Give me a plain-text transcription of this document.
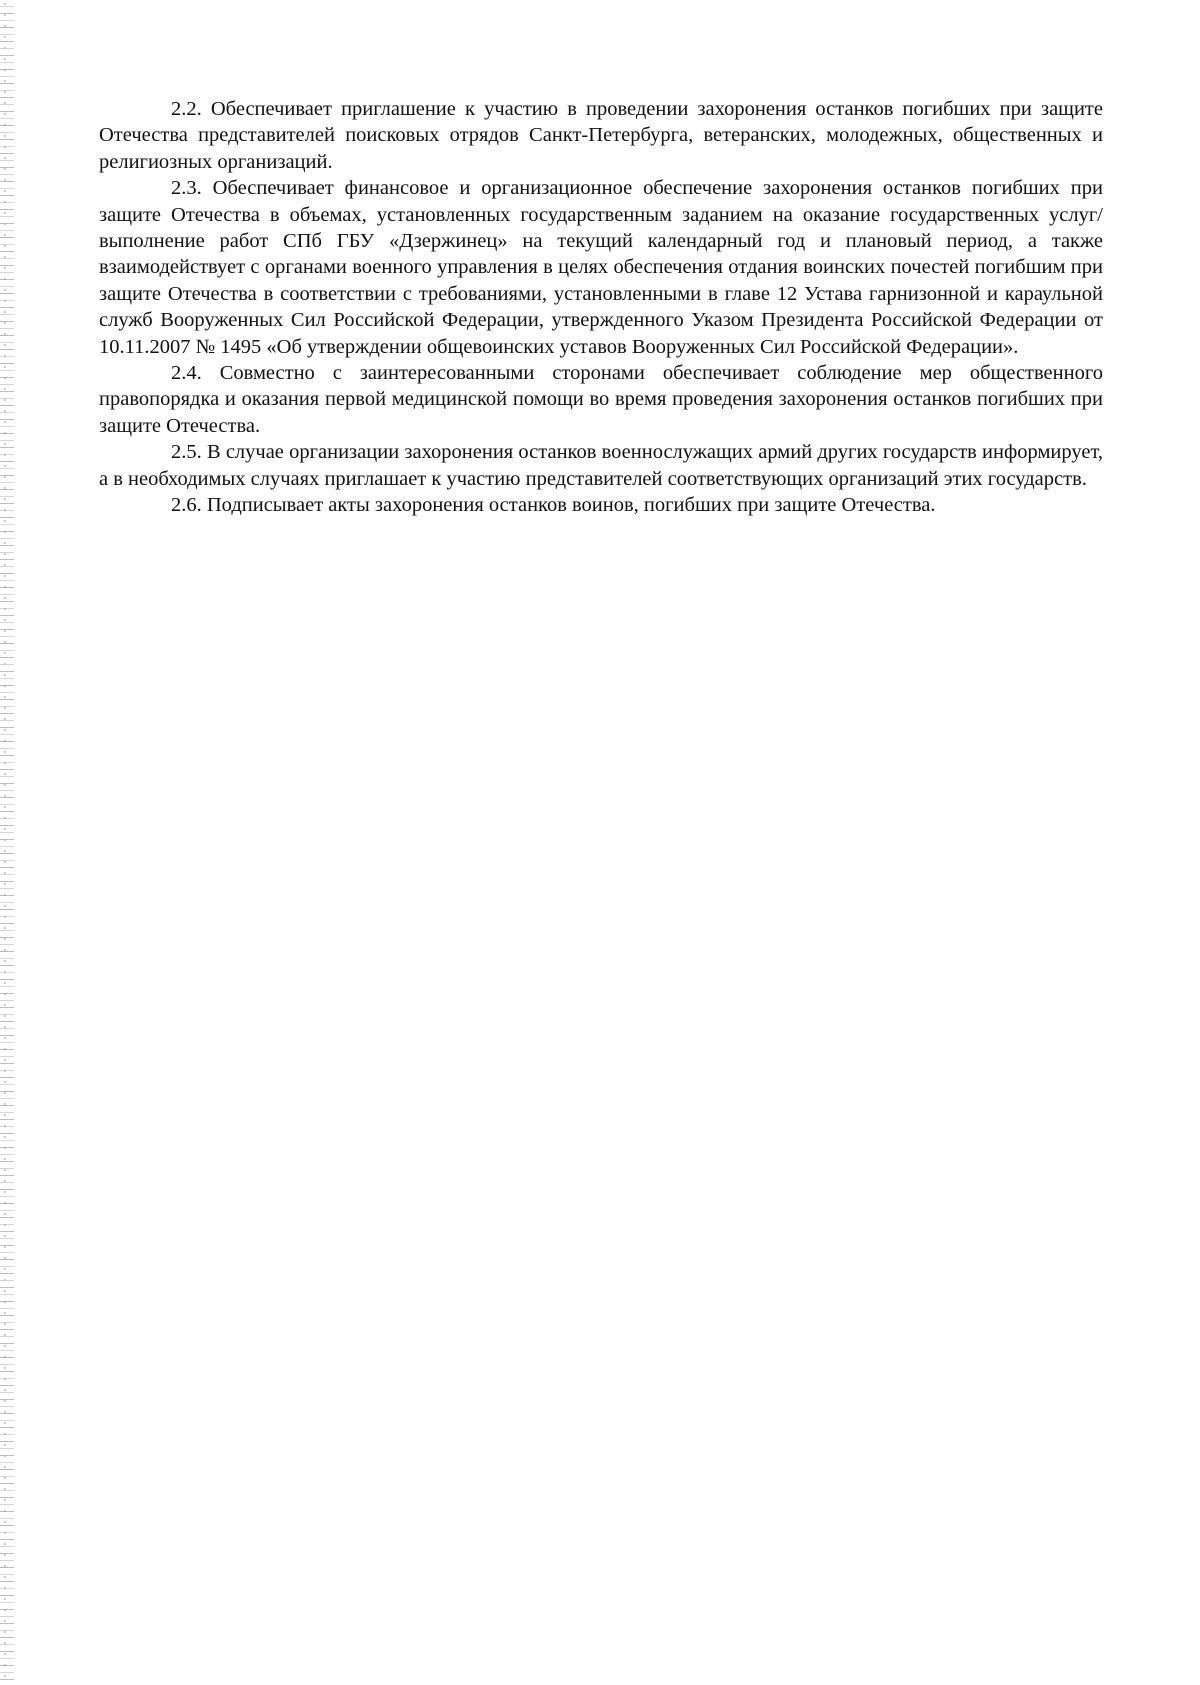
2.2. Обеспечивает приглашение к участию в проведении захоронения останков погибших при защите Отечества представителей поисковых отрядов Санкт-Петербурга, ветеранских, молодежных, общественных и религиозных организаций.

2.3. Обеспечивает финансовое и организационное обеспечение захоронения останков погибших при защите Отечества в объемах, установленных государственным заданием на оказание государственных услуг/выполнение работ СПб ГБУ «Дзержинец» на текущий календарный год и плановый период, а также взаимодействует с органами военного управления в целях обеспечения отдания воинских почестей погибшим при защите Отечества в соответствии с требованиями, установленными в главе 12 Устава гарнизонной и караульной служб Вооруженных Сил Российской Федерации, утвержденного Указом Президента Российской Федерации от 10.11.2007 № 1495 «Об утверждении общевоинских уставов Вооруженных Сил Российской Федерации».

2.4. Совместно с заинтересованными сторонами обеспечивает соблюдение мер общественного правопорядка и оказания первой медицинской помощи во время проведения захоронения останков погибших при защите Отечества.

2.5. В случае организации захоронения останков военнослужащих армий других государств информирует, а в необходимых случаях приглашает к участию представителей соответствующих организаций этих государств.

2.6. Подписывает акты захоронения останков воинов, погибших при защите Отечества.
